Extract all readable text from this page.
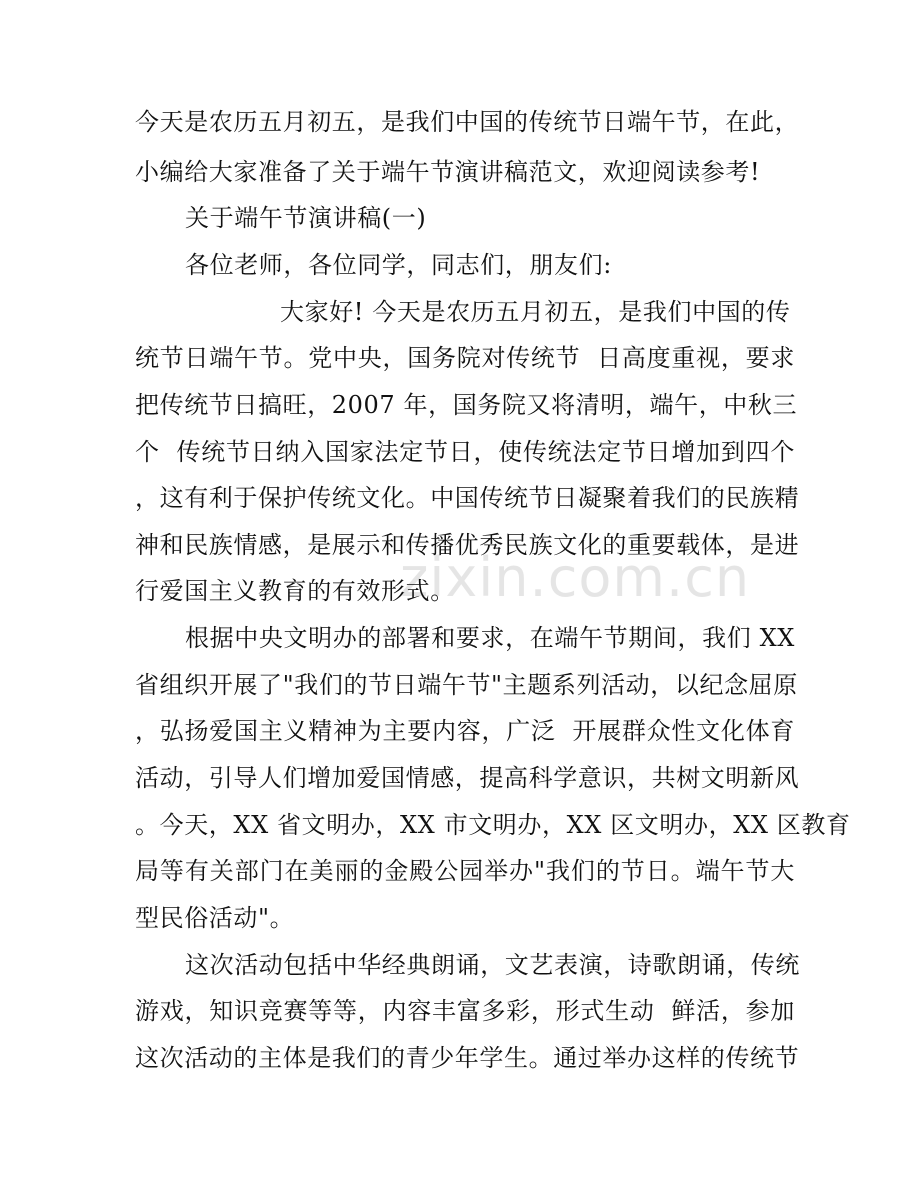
zixin.com.cn
今天是农历五月初五，是我们中国的传统节日端午节，在此，
小编给大家准备了关于端午节演讲稿范文，欢迎阅读参考!
关于端午节演讲稿(一)
各位老师，各位同学，同志们，朋友们:
大家好! 今天是农历五月初五，是我们中国的传
统节日端午节。党中央，国务院对传统节  日高度重视，要求
把传统节日搞旺，2007 年，国务院又将清明，端午，中秋三
个  传统节日纳入国家法定节日，使传统法定节日增加到四个
，这有利于保护传统文化。中国传统节日凝聚着我们的民族精
神和民族情感，是展示和传播优秀民族文化的重要载体，是进
行爱国主义教育的有效形式。
根据中央文明办的部署和要求，在端午节期间，我们 XX
省组织开展了"我们的节日端午节"主题系列活动，以纪念屈原
，弘扬爱国主义精神为主要内容，广泛  开展群众性文化体育
活动，引导人们增加爱国情感，提高科学意识，共树文明新风
。今天，XX 省文明办，XX 市文明办，XX 区文明办，XX 区教育
局等有关部门在美丽的金殿公园举办"我们的节日。端午节大
型民俗活动"。
这次活动包括中华经典朗诵，文艺表演，诗歌朗诵，传统
游戏，知识竞赛等等，内容丰富多彩，形式生动  鲜活，参加
这次活动的主体是我们的青少年学生。通过举办这样的传统节
